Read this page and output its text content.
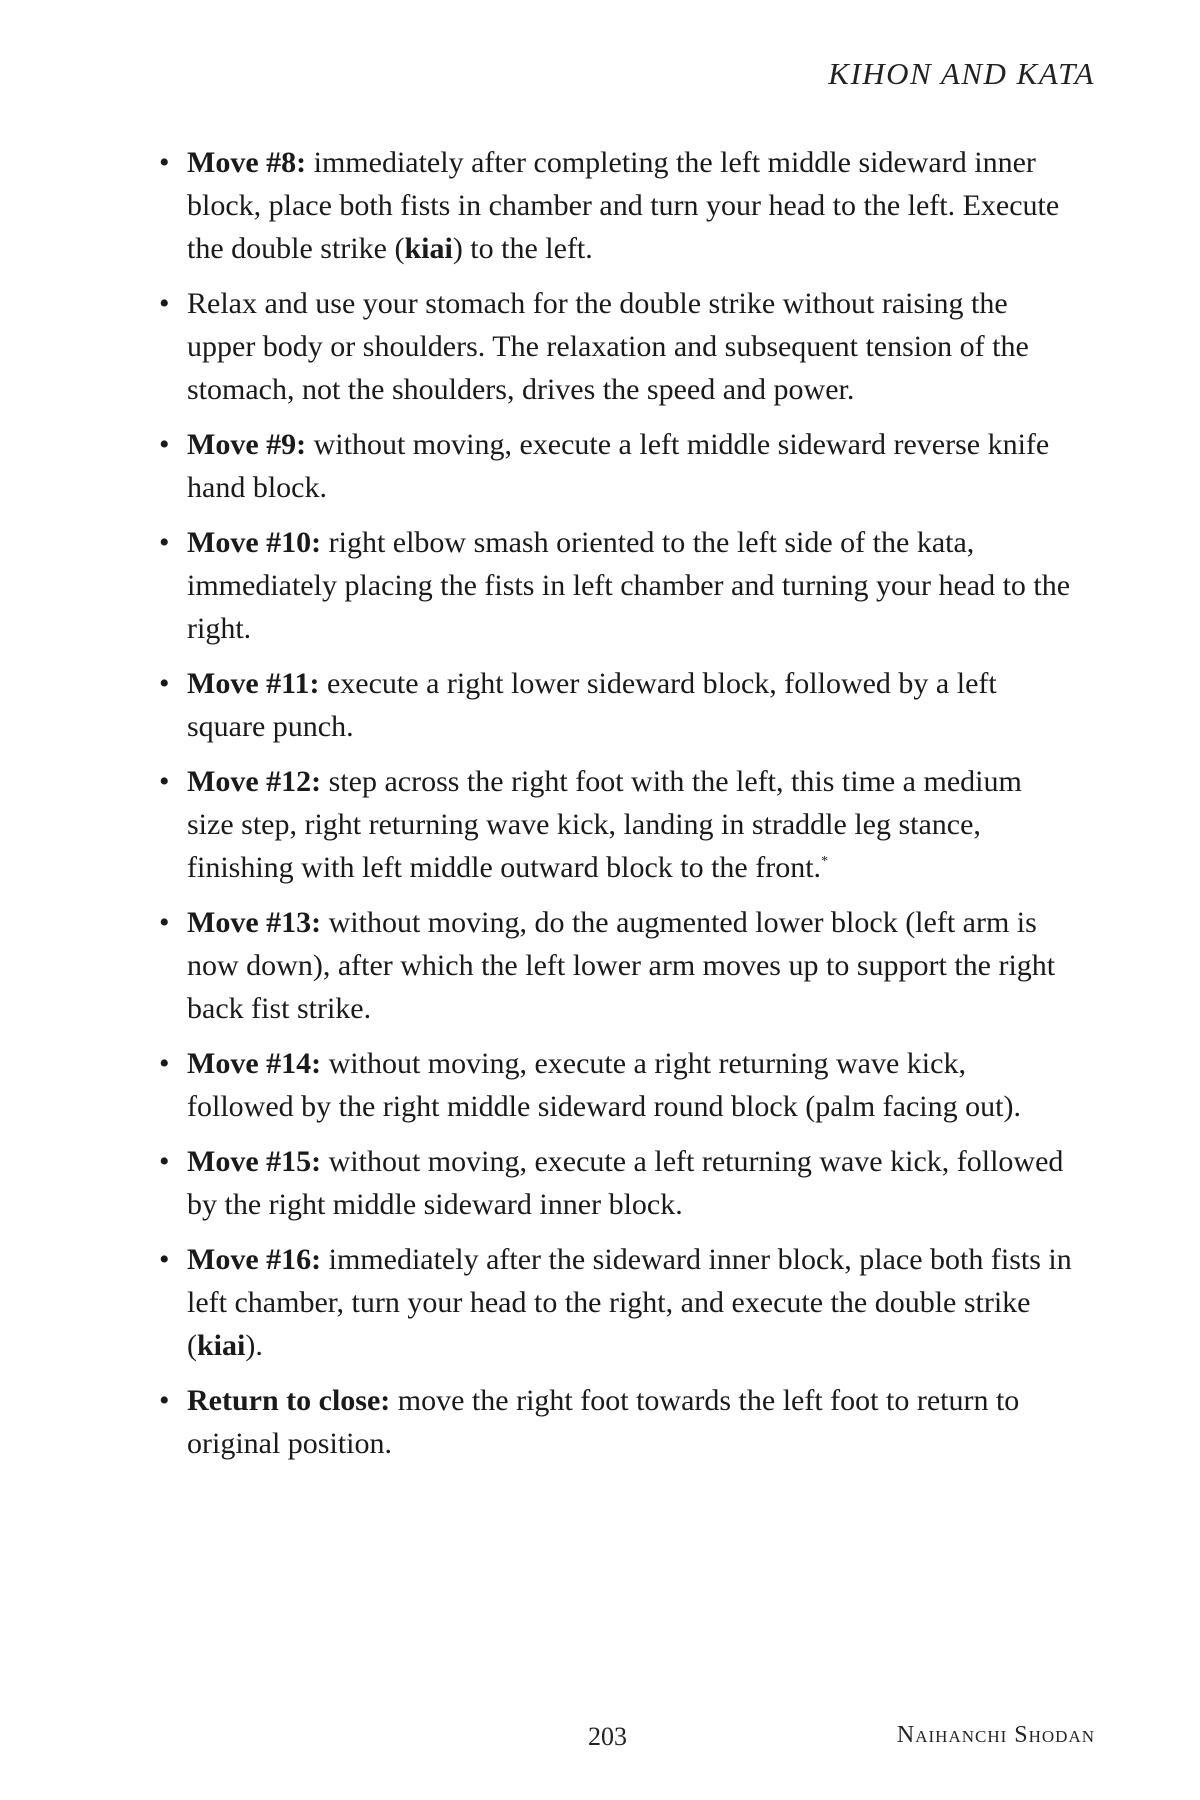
KIHON AND KATA
• Move #8: immediately after completing the left middle sideward inner block, place both fists in chamber and turn your head to the left. Execute the double strike (kiai) to the left.
• Relax and use your stomach for the double strike without raising the upper body or shoulders. The relaxation and subsequent tension of the stomach, not the shoulders, drives the speed and power.
• Move #9: without moving, execute a left middle sideward reverse knife hand block.
• Move #10: right elbow smash oriented to the left side of the kata, immediately placing the fists in left chamber and turning your head to the right.
• Move #11: execute a right lower sideward block, followed by a left square punch.
• Move #12: step across the right foot with the left, this time a medium size step, right returning wave kick, landing in straddle leg stance, finishing with left middle outward block to the front.*
• Move #13: without moving, do the augmented lower block (left arm is now down), after which the left lower arm moves up to support the right back fist strike.
• Move #14: without moving, execute a right returning wave kick, followed by the right middle sideward round block (palm facing out).
• Move #15: without moving, execute a left returning wave kick, followed by the right middle sideward inner block.
• Move #16: immediately after the sideward inner block, place both fists in left chamber, turn your head to the right, and execute the double strike (kiai).
• Return to close: move the right foot towards the left foot to return to original position.
203	Naihanchi Shodan
